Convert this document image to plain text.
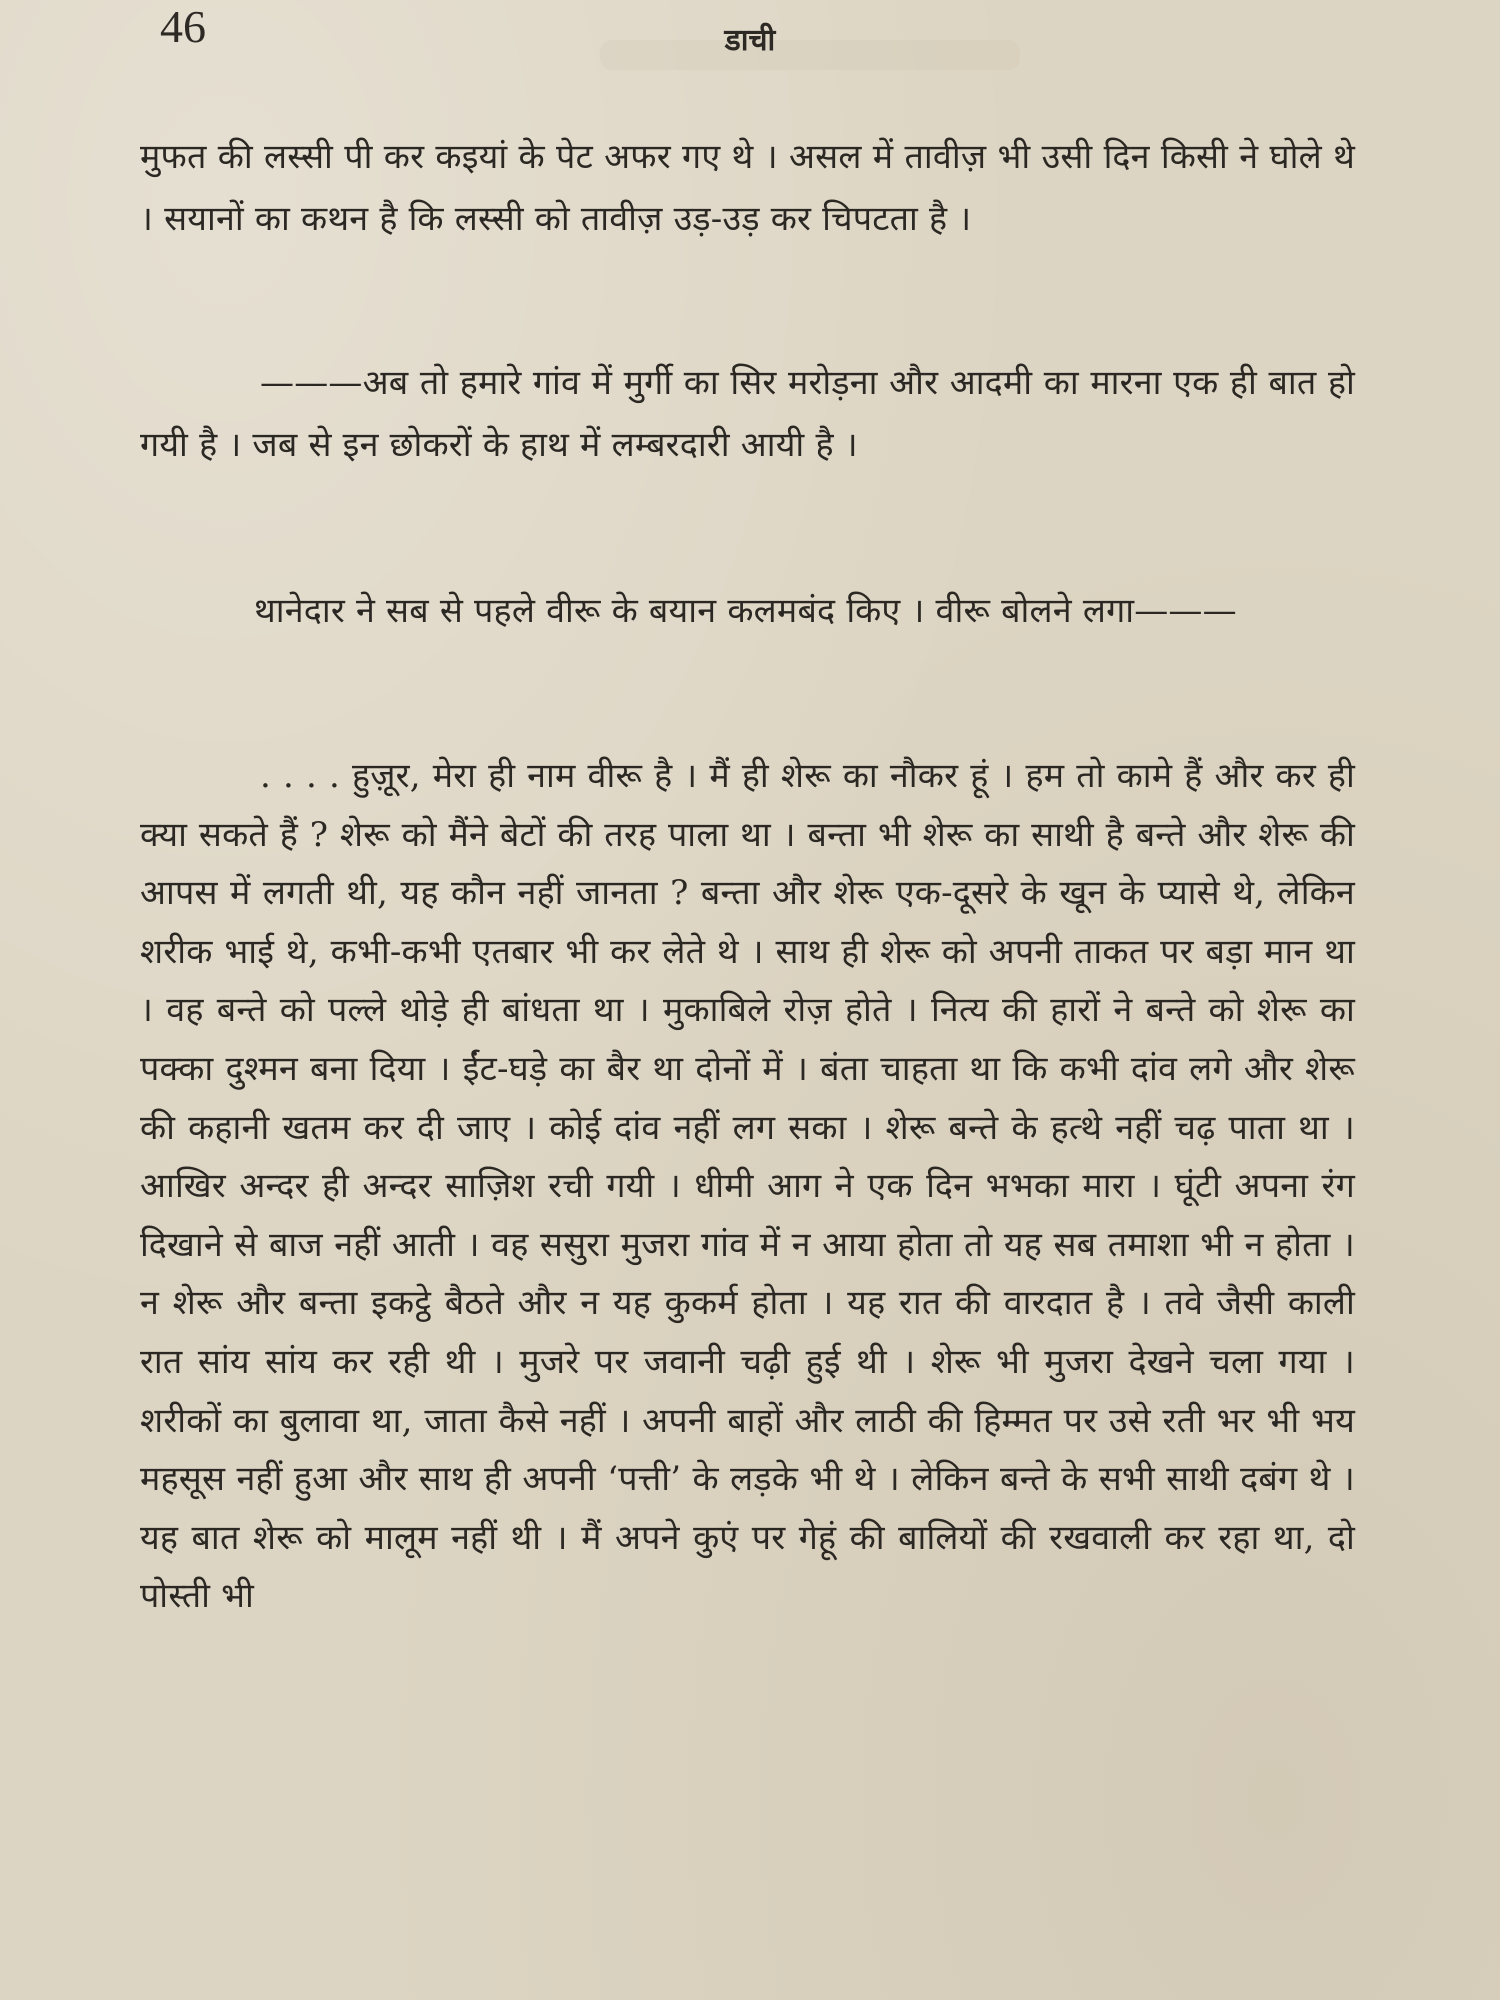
46	डाची

मुफत की लस्सी पी कर कइयां के पेट अफर गए थे । असल में तावीज़ भी उसी दिन किसी ने घोले थे । सयानों का कथन है कि लस्सी को तावीज़ उड़-उड़ कर चिपटता है ।

———अब तो हमारे गांव में मुर्गी का सिर मरोड़ना और आदमी का मारना एक ही बात हो गयी है । जब से इन छोकरों के हाथ में लम्बरदारी आयी है ।

थानेदार ने सब से पहले वीरू के बयान कलमबंद किए । वीरू बोलने लगा———

. . . . हुज़ूर, मेरा ही नाम वीरू है । मैं ही शेरू का नौकर हूं । हम तो कामे हैं और कर ही क्या सकते हैं ? शेरू को मैंने बेटों की तरह पाला था । बन्ता भी शेरू का साथी है बन्ते और शेरू की आपस में लगती थी, यह कौन नहीं जानता ? बन्ता और शेरू एक-दूसरे के खून के प्यासे थे, लेकिन शरीक भाई थे, कभी-कभी एतबार भी कर लेते थे । साथ ही शेरू को अपनी ताकत पर बड़ा मान था । वह बन्ते को पल्ले थोड़े ही बांधता था । मुकाबिले रोज़ होते । नित्य की हारों ने बन्ते को शेरू का पक्का दुश्मन बना दिया । ईंट-घड़े का बैर था दोनों में । बंता चाहता था कि कभी दांव लगे और शेरू की कहानी खतम कर दी जाए । कोई दांव नहीं लग सका । शेरू बन्ते के हत्थे नहीं चढ़ पाता था । आखिर अन्दर ही अन्दर साज़िश रची गयी । धीमी आग ने एक दिन भभका मारा । घूंटी अपना रंग दिखाने से बाज नहीं आती । वह ससुरा मुजरा गांव में न आया होता तो यह सब तमाशा भी न होता । न शेरू और बन्ता इकट्ठे बैठते और न यह कुकर्म होता । यह रात की वारदात है । तवे जैसी काली रात सांय सांय कर रही थी । मुजरे पर जवानी चढ़ी हुई थी । शेरू भी मुजरा देखने चला गया । शरीकों का बुलावा था, जाता कैसे नहीं । अपनी बाहों और लाठी की हिम्मत पर उसे रती भर भी भय महसूस नहीं हुआ और साथ ही अपनी ‘पत्ती’ के लड़के भी थे । लेकिन बन्ते के सभी साथी दबंग थे । यह बात शेरू को मालूम नहीं थी । मैं अपने कुएं पर गेहूं की बालियों की रखवाली कर रहा था, दो पोस्ती भी
